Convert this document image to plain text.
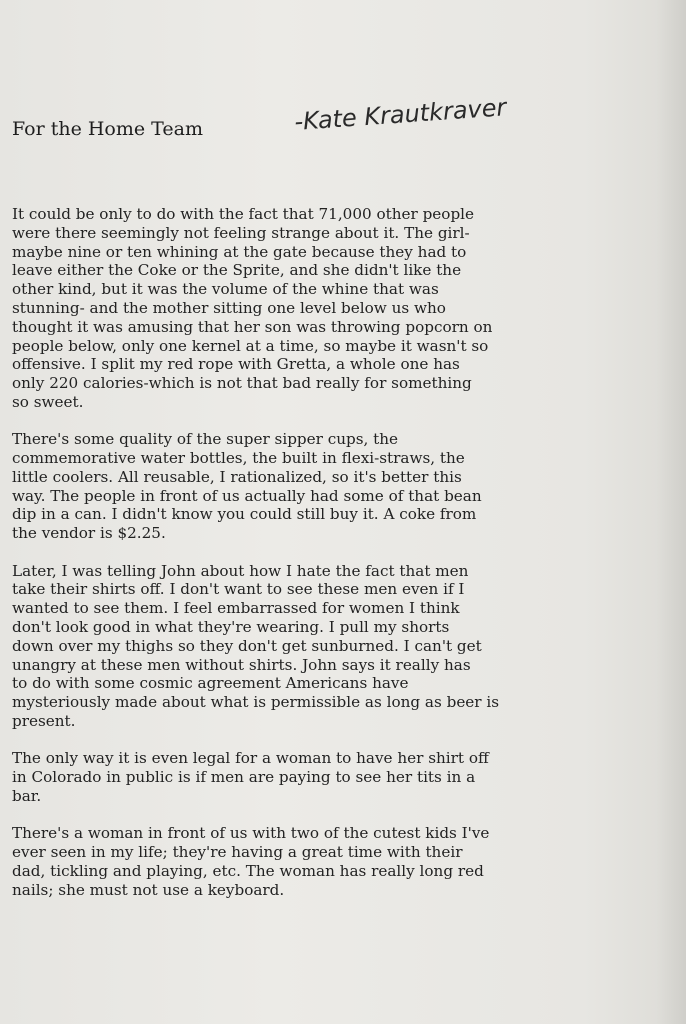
For the Home Team	-Kate Krautkraver

It could be only to do with the fact that 71,000 other people
were there seemingly not feeling strange about it. The girl-
maybe nine or ten whining at the gate because they had to
leave either the Coke or the Sprite, and she didn't like the
other kind, but it was the volume of the whine that was
stunning- and the mother sitting one level below us who
thought it was amusing that her son was throwing popcorn on
people below, only one kernel at a time, so maybe it wasn't so
offensive. I split my red rope with Gretta, a whole one has
only 220 calories-which is not that bad really for something
so sweet.

There's some quality of the super sipper cups, the
commemorative water bottles, the built in flexi-straws, the
little coolers. All reusable, I rationalized, so it's better this
way. The people in front of us actually had some of that bean
dip in a can. I didn't know you could still buy it. A coke from
the vendor is $2.25.

Later, I was telling John about how I hate the fact that men
take their shirts off. I don't want to see these men even if I
wanted to see them. I feel embarrassed for women I think
don't look good in what they're wearing. I pull my shorts
down over my thighs so they don't get sunburned. I can't get
unangry at these men without shirts. John says it really has
to do with some cosmic agreement Americans have
mysteriously made about what is permissible as long as beer is
present.

The only way it is even legal for a woman to have her shirt off
in Colorado in public is if men are paying to see her tits in a
bar.

There's a woman in front of us with two of the cutest kids I've
ever seen in my life; they're having a great time with their
dad, tickling and playing, etc. The woman has really long red
nails; she must not use a keyboard.
